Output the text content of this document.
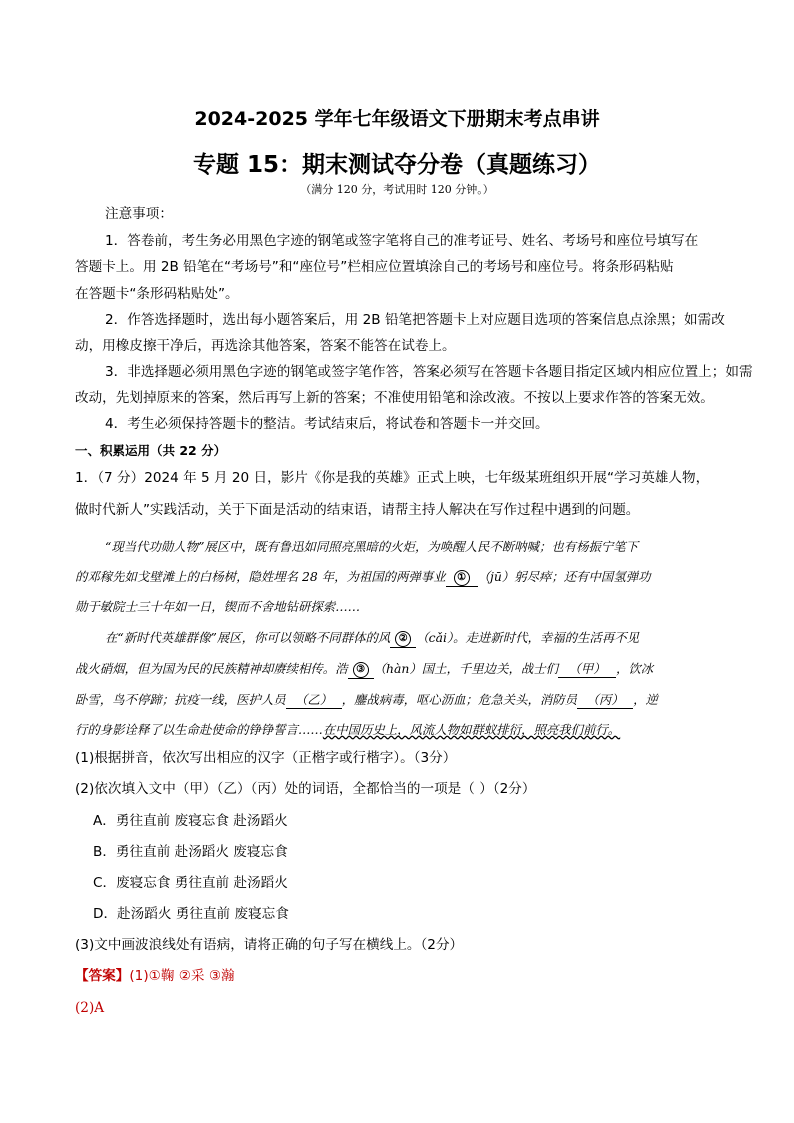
2024-2025 学年七年级语文下册期末考点串讲
专题 15：期末测试夺分卷（真题练习）
（满分 120 分，考试用时 120 分钟。）
注意事项：
1．答卷前，考生务必用黑色字迹的钢笔或签字笔将自己的准考证号、姓名、考场号和座位号填写在
答题卡上。用 2B 铅笔在“考场号”和“座位号”栏相应位置填涂自己的考场号和座位号。将条形码粘贴
在答题卡“条形码粘贴处”。
2．作答选择题时，选出每小题答案后，用 2B 铅笔把答题卡上对应题目选项的答案信息点涂黑；如需改
动，用橡皮擦干净后，再选涂其他答案，答案不能答在试卷上。
3．非选择题必须用黑色字迹的钢笔或签字笔作答，答案必须写在答题卡各题目指定区域内相应位置上；如需
改动，先划掉原来的答案，然后再写上新的答案；不准使用铅笔和涂改液。不按以上要求作答的答案无效。
4．考生必须保持答题卡的整洁。考试结束后，将试卷和答题卡一并交回。
一、积累运用（共 22 分）
1．（7 分）2024 年 5 月 20 日，影片《你是我的英雄》正式上映，七年级某班组织开展“学习英雄人物，
做时代新人”实践活动，关于下面是活动的结束语，请帮主持人解决在写作过程中遇到的问题。
“现当代功勋人物”展区中，既有鲁迅如同照亮黑暗的火炬，为唤醒人民不断呐喊；也有杨振宁笔下
的邓稼先如戈壁滩上的白杨树，隐姓埋名 28 年，为祖国的两弹事业 ① （jū）躬尽瘁；还有中国氢弹功
勋于敏院士三十年如一日，锲而不舍地钻研探索……
在“新时代英雄群像”展区，你可以领略不同群体的风 ② （cǎi）。走进新时代，幸福的生活再不见
战火硝烟，但为国为民的民族精神却赓续相传。浩 ③ （hàn）国土，千里边关，战士们 （甲） ，饮冰
卧雪，鸟不停蹄；抗疫一线，医护人员 （乙） ，鏖战病毒，呕心沥血；危急关头，消防员 （丙） ，逆
行的身影诠释了以生命赴使命的铮铮誓言……在中国历史上，风流人物如群蚁排衍，照亮我们前行。
(1)根据拼音，依次写出相应的汉字（正楷字或行楷字）。（3分）
(2)依次填入文中（甲）（乙）（丙）处的词语，全都恰当的一项是（ ）（2分）
A．勇往直前 废寝忘食 赴汤蹈火
B．勇往直前 赴汤蹈火 废寝忘食
C．废寝忘食 勇往直前 赴汤蹈火
D．赴汤蹈火 勇往直前 废寝忘食
(3)文中画波浪线处有语病，请将正确的句子写在横线上。（2分）
【答案】(1)①鞠 ②采 ③瀚
(2)A
